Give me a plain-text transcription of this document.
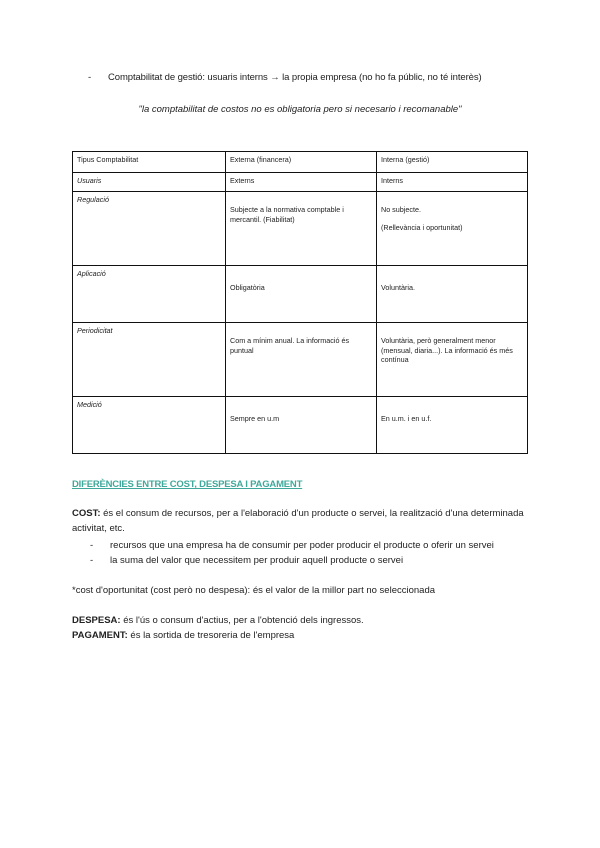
- Comptabilitat de gestió: usuaris interns → la propia empresa (no ho fa públic, no té interès)
"la comptabilitat de costos no es obligatoria pero si necesario i recomanable"
Tipus Comptabilitat	Externa (financera)	Interna (gestió)
Usuaris	Externs	Interns
Regulació	Subjecte a la normativa comptable i mercantil. (Fiabilitat)	No subjecte.
(Rellevància i oportunitat)

Aplicació	Obligatòria	Voluntària.

Periodicitat	Com a mínim anual. La informació és puntual	Voluntària, però generalment menor (mensual, diaria...). La informació és més contínua

Medició	Sempre en u.m	En u.m. i en u.f.
DIFERÈNCIES ENTRE COST, DESPESA I PAGAMENT
COST: és el consum de recursos, per a l'elaboració d'un producte o servei, la realització d'una determinada activitat, etc.
- recursos que una empresa ha de consumir per poder producir el producte o oferir un servei
- la suma del valor que necessitem per produir aquell producte o servei
*cost d'oportunitat (cost però no despesa): és el valor de la millor part no seleccionada
DESPESA: és l'ús o consum d'actius, per a l'obtenció dels ingressos.
PAGAMENT: és la sortida de tresoreria de l'empresa
